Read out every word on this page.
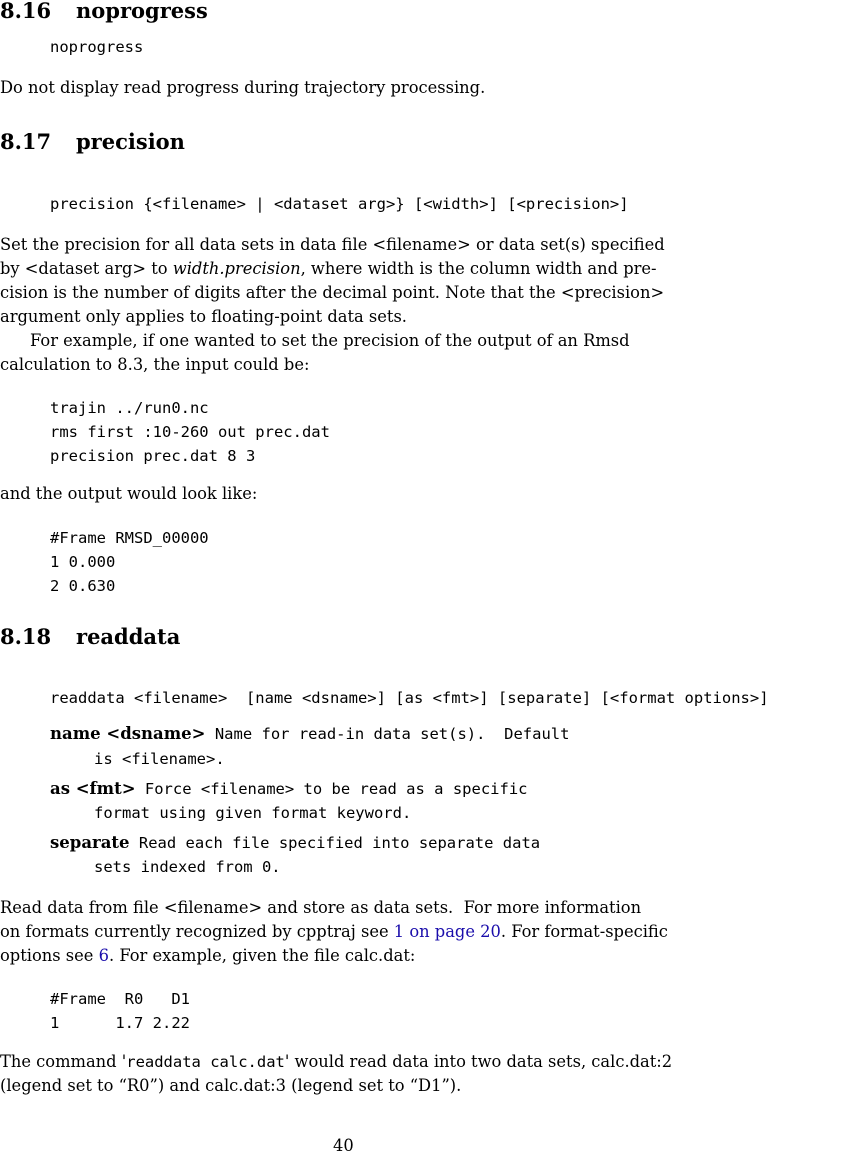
8.16 noprogress
noprogress
Do not display read progress during trajectory processing.
8.17 precision
precision {<filename> | <dataset arg>} [<width>] [<precision>]
Set the precision for all data sets in data file <filename> or data set(s) specified
by <dataset arg> to width.precision, where width is the column width and pre-
cision is the number of digits after the decimal point. Note that the <precision>
argument only applies to floating-point data sets.
For example, if one wanted to set the precision of the output of an Rmsd
calculation to 8.3, the input could be:
trajin ../run0.nc
rms first :10-260 out prec.dat
precision prec.dat 8 3
and the output would look like:
#Frame RMSD_00000
1 0.000
2 0.630
8.18 readdata
readdata <filename>  [name <dsname>] [as <fmt>] [separate] [<format options>]
name <dsname> Name for read-in data set(s).  Default
is <filename>.
as <fmt> Force <filename> to be read as a specific
format using given format keyword.
separate Read each file specified into separate data
sets indexed from 0.
Read data from file <filename> and store as data sets.  For more information
on formats currently recognized by cpptraj see 1 on page 20. For format-specific
options see 6. For example, given the file calc.dat:
#Frame  R0   D1
1      1.7 2.22
The command 'readdata calc.dat' would read data into two data sets, calc.dat:2
(legend set to “R0”) and calc.dat:3 (legend set to “D1”).
40
